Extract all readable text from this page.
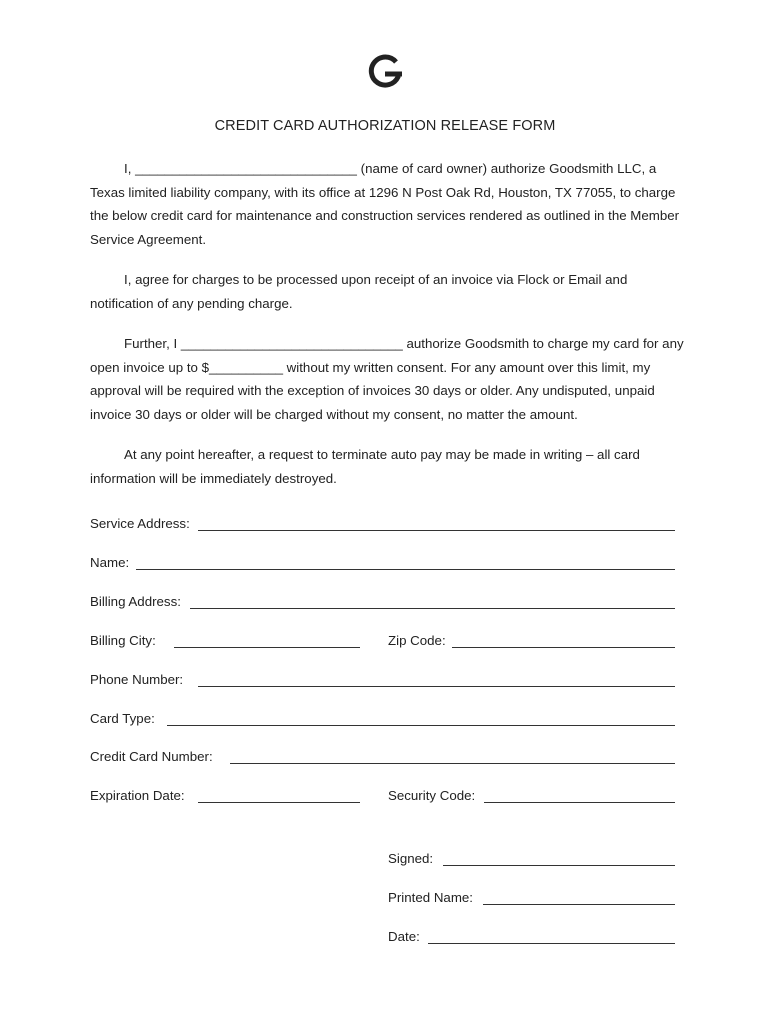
CREDIT CARD AUTHORIZATION RELEASE FORM

I, ______________________________ (name of card owner) authorize Goodsmith LLC, a Texas limited liability company, with its office at 1296 N Post Oak Rd, Houston, TX 77055, to charge the below credit card for maintenance and construction services rendered as outlined in the Member Service Agreement.

I, agree for charges to be processed upon receipt of an invoice via Flock or Email and notification of any pending charge.

Further, I ______________________________ authorize Goodsmith to charge my card for any open invoice up to $__________ without my written consent. For any amount over this limit, my approval will be required with the exception of invoices 30 days or older. Any undisputed, unpaid invoice 30 days or older will be charged without my consent, no matter the amount.

At any point hereafter, a request to terminate auto pay may be made in writing – all card information will be immediately destroyed.

Service Address:
Name:
Billing Address:
Billing City:	Zip Code:
Phone Number:
Card Type:
Credit Card Number:
Expiration Date:	Security Code:
Signed:
Printed Name:
Date:
